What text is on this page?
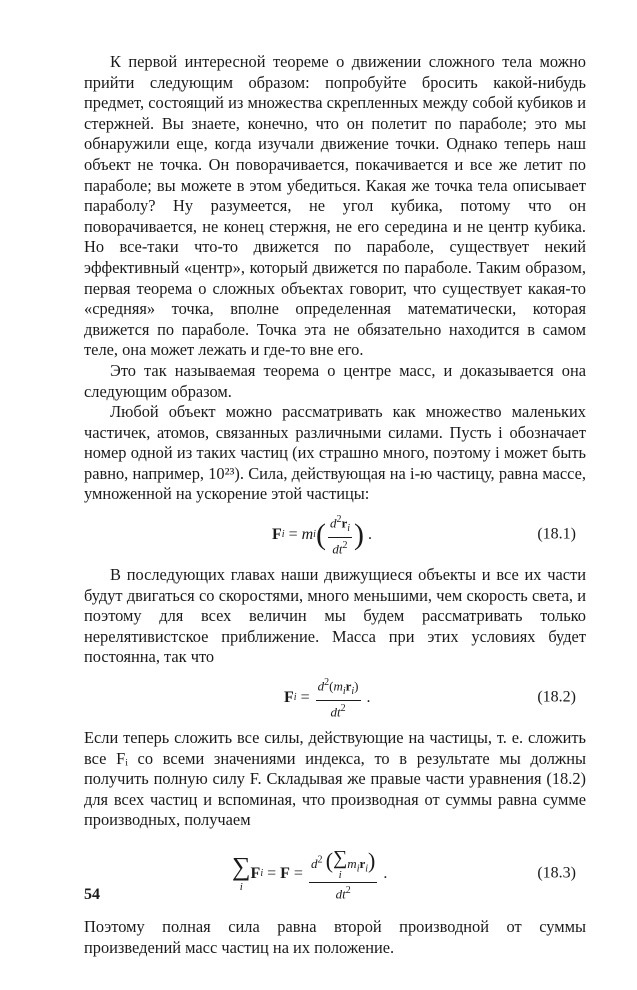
К первой интересной теореме о движении сложного тела можно прийти следующим образом: попробуйте бросить какой-нибудь предмет, состоящий из множества скрепленных между собой кубиков и стержней. Вы знаете, конечно, что он полетит по параболе; это мы обнаружили еще, когда изучали движение точки. Однако теперь наш объект не точка. Он поворачивается, покачивается и все же летит по параболе; вы можете в этом убедиться. Какая же точка тела описывает параболу? Ну разумеется, не угол кубика, потому что он поворачивается, не конец стержня, не его середина и не центр кубика. Но все-таки что-то движется по параболе, существует некий эффективный «центр», который движется по параболе. Таким образом, первая теорема о сложных объектах говорит, что существует какая-то «средняя» точка, вполне определенная математически, которая движется по параболе. Точка эта не обязательно находится в самом теле, она может лежать и где-то вне его.

Это так называемая теорема о центре масс, и доказывается она следующим образом.

Любой объект можно рассматривать как множество маленьких частичек, атомов, связанных различными силами. Пусть i обозначает номер одной из таких частиц (их страшно много, поэтому i может быть равно, например, 10²³). Сила, действующая на i-ю частицу, равна массе, умноженной на ускорение этой частицы:

F i = m i ( $\frac{d^2r_i}{dt^2}$ ) .	(18.1)

В последующих главах наши движущиеся объекты и все их части будут двигаться со скоростями, много меньшими, чем скорость света, и поэтому для всех величин мы будем рассматривать только нерелятивистское приближение. Масса при этих условиях будет постоянна, так что

F $i = \frac{d^2(m_ir_i)}{dt^2}$ .	(18.2)

Если теперь сложить все силы, действующие на частицы, т. е. сложить все Fᵢ со всеми значениями индекса, то в результате мы должны получить полную силу F. Складывая же правые части уравнения (18.2) для всех частиц и вспоминая, что производная от суммы равна сумме производных, получаем

∑
i
F $i = F = d^2$ ( ∑
i
$m_ir_i$)
$dt^2$ .	(18.3)

Поэтому полная сила равна второй производной от суммы произведений масс частиц на их положение.

54
